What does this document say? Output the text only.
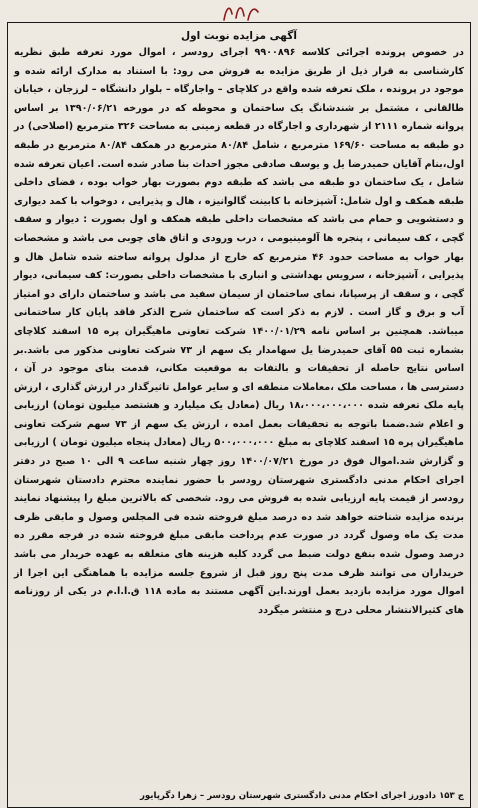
آگهی مزایده نوبت اول

در خصوص پرونده اجرائی کلاسه ۹۹۰۰۸۹۶ اجرای رودسر ، اموال مورد تعرفه طبق نظریه کارشناسی به قرار ذیل از طریق مزایده به فروش می رود: با استناد به مدارک ارائه شده و موجود در پرونده ، ملک تعرفه شده واقع در کلاچای – واجارگاه – بلوار دانشگاه – لرزجان ، خیابان طالقانی ، مشتمل بر شندشانگ یک ساختمان و محوطه که در مورخه ۱۳۹۰/۰۶/۲۱ بر اساس پروانه شماره ۲۱۱۱ از شهرداری و اجارگاه در قطعه زمینی به مساحت ۳۲۶ مترمربع (اصلاحی) در دو طبقه به مساحت ۱۶۹/۶۰ مترمربع ، شامل ۸۰/۸۴ مترمربع در همکف ۸۰/۸۴ مترمربع در طبقه اول،بنام آقایان حمیدرضا یل و یوسف صادقی مجوز احداث بنا صادر شده است. اعیان تعرفه شده شامل ، یک ساختمان دو طبقه می باشد که طبقه دوم بصورت بهار خواب بوده ، فضای داخلی طبقه همکف و اول شامل: آشپزخانه با کابینت گالوانیزه ، هال و پذیرایی ، دوخواب با کمد دیواری و دستشویی و حمام می باشد که مشخصات داخلی طبقه همکف و اول بصورت : دیوار و سقف گچی ، کف سیمانی ، پنجره ها آلومینیومی ، درب ورودی و اتاق های چوبی می باشد و مشخصات بهار خواب به مساحت حدود ۴۶ مترمربع که خارج از مدلول پروانه ساخته شده شامل هال و پذیرایی ، آشپزخانه ، سرویس بهداشتی و انباری با مشخصات داخلی بصورت: کف سیمانی، دیوار گچی ، و سقف از پرسپانا، نمای ساختمان از سیمان سفید می باشد و ساختمان دارای دو امتیاز آب و برق و گاز است . لازم به ذکر است که ساختمان شرح الذکر فاقد پایان کار ساختمانی میباشد. همچنین بر اساس نامه ۱۴۰۰/۰۱/۲۹ شرکت تعاونی ماهیگیران پره ۱۵ اسفند کلاچای بشماره ثبت ۵۵ آقای حمیدرضا یل سهامدار یک سهم از ۷۳ شرکت تعاونی مذکور می باشد.بر اساس نتایج حاصله از تحقیقات و بالتفات به موقعیت مکانی، قدمت بنای موجود در آن ، دسترسی ها ، مساحت ملک ،معاملات منطقه ای و سایر عوامل تاثیرگذار در ارزش گذاری ، ارزش پایه ملک تعرفه شده ۱۸،۰۰۰،۰۰۰،۰۰۰ ریال (معادل یک میلیارد و هشتصد میلیون تومان) ارزیابی و اعلام شد.ضمنا باتوجه به تحقیقات بعمل امده ، ارزش یک سهم از ۷۳ سهم شرکت تعاونی ماهیگیران پره ۱۵ اسفند کلاچای به مبلغ ۵۰۰،۰۰۰،۰۰۰ ریال (معادل پنجاه میلیون تومان ) ارزیابی و گزارش شد.اموال فوق در مورخ ۱۴۰۰/۰۷/۲۱ روز چهار شنبه ساعت ۹ الی ۱۰ صبح در دفتر اجرای احکام مدنی دادگستری شهرستان رودسر با حضور نماینده محترم دادستان شهرستان رودسر از قیمت پایه ارزیابی شده به فروش می رود. شخصی که بالاترین مبلغ را پیشنهاد نمایند برنده مزایده شناخته خواهد شد ده درصد مبلغ فروخته شده فی المجلس وصول و مابقی ظرف مدت یک ماه وصول گردد در صورت عدم پرداخت مابقی مبلغ فروخته شده در فرجه مقرر ده درصد وصول شده بنفع دولت ضبط می گردد کلیه هزینه های متعلقه به عهده خریدار می باشد خریداران می توانند ظرف مدت پنج روز قبل از شروع جلسه مزایده با هماهنگی این اجرا از اموال مورد مزایده بازدید بعمل اورند.این آگهی مستند به ماده ۱۱۸ ق.ا.ا.م در یکی از روزنامه های کثیرالانتشار محلی درج و منتشر میگردد

ج ۱۵۳ دادورز اجرای احکام مدنی دادگستری شهرستان رودسر – زهرا دگرپایور
